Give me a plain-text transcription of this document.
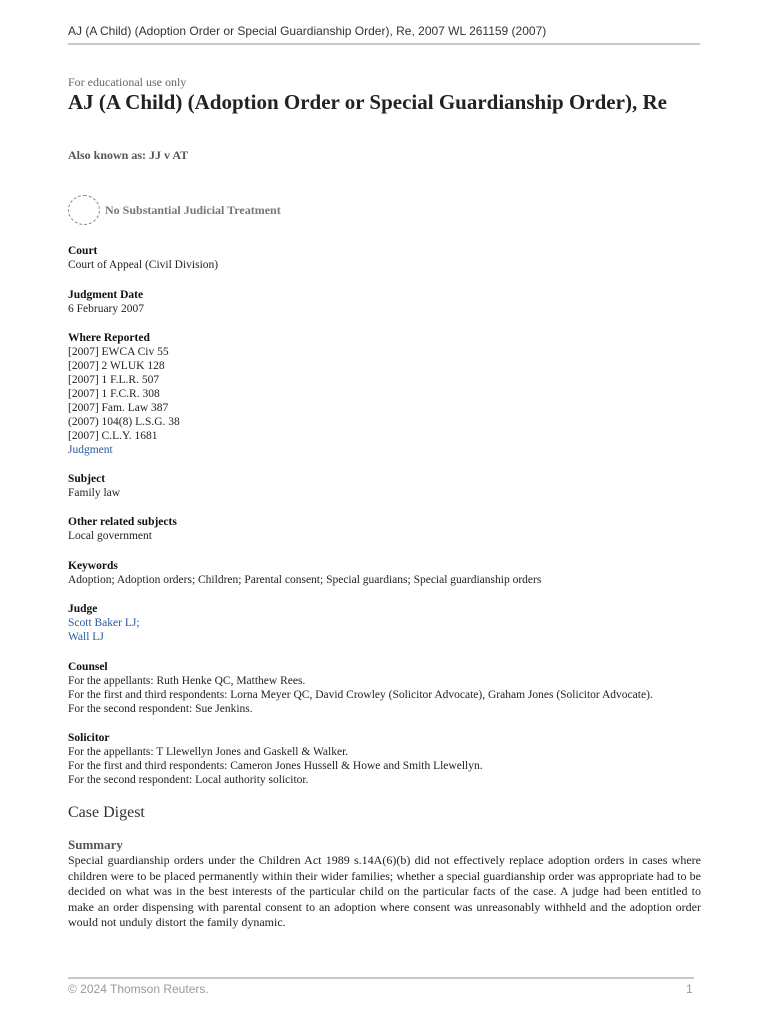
AJ (A Child) (Adoption Order or Special Guardianship Order), Re, 2007 WL 261159 (2007)
For educational use only
AJ (A Child) (Adoption Order or Special Guardianship Order), Re
Also known as: JJ v AT
No Substantial Judicial Treatment
Court
Court of Appeal (Civil Division)
Judgment Date
6 February 2007
Where Reported
[2007] EWCA Civ 55
[2007] 2 WLUK 128
[2007] 1 F.L.R. 507
[2007] 1 F.C.R. 308
[2007] Fam. Law 387
(2007) 104(8) L.S.G. 38
[2007] C.L.Y. 1681
Judgment
Subject
Family law
Other related subjects
Local government
Keywords
Adoption; Adoption orders; Children; Parental consent; Special guardians; Special guardianship orders
Judge
Scott Baker LJ;
Wall LJ
Counsel
For the appellants: Ruth Henke QC, Matthew Rees.
For the first and third respondents: Lorna Meyer QC, David Crowley (Solicitor Advocate), Graham Jones (Solicitor Advocate).
For the second respondent: Sue Jenkins.
Solicitor
For the appellants: T Llewellyn Jones and Gaskell & Walker.
For the first and third respondents: Cameron Jones Hussell & Howe and Smith Llewellyn.
For the second respondent: Local authority solicitor.
Case Digest
Summary
Special guardianship orders under the Children Act 1989 s.14A(6)(b) did not effectively replace adoption orders in cases where children were to be placed permanently within their wider families; whether a special guardianship order was appropriate had to be decided on what was in the best interests of the particular child on the particular facts of the case. A judge had been entitled to make an order dispensing with parental consent to an adoption where consent was unreasonably withheld and the adoption order would not unduly distort the family dynamic.
© 2024 Thomson Reuters.	1
